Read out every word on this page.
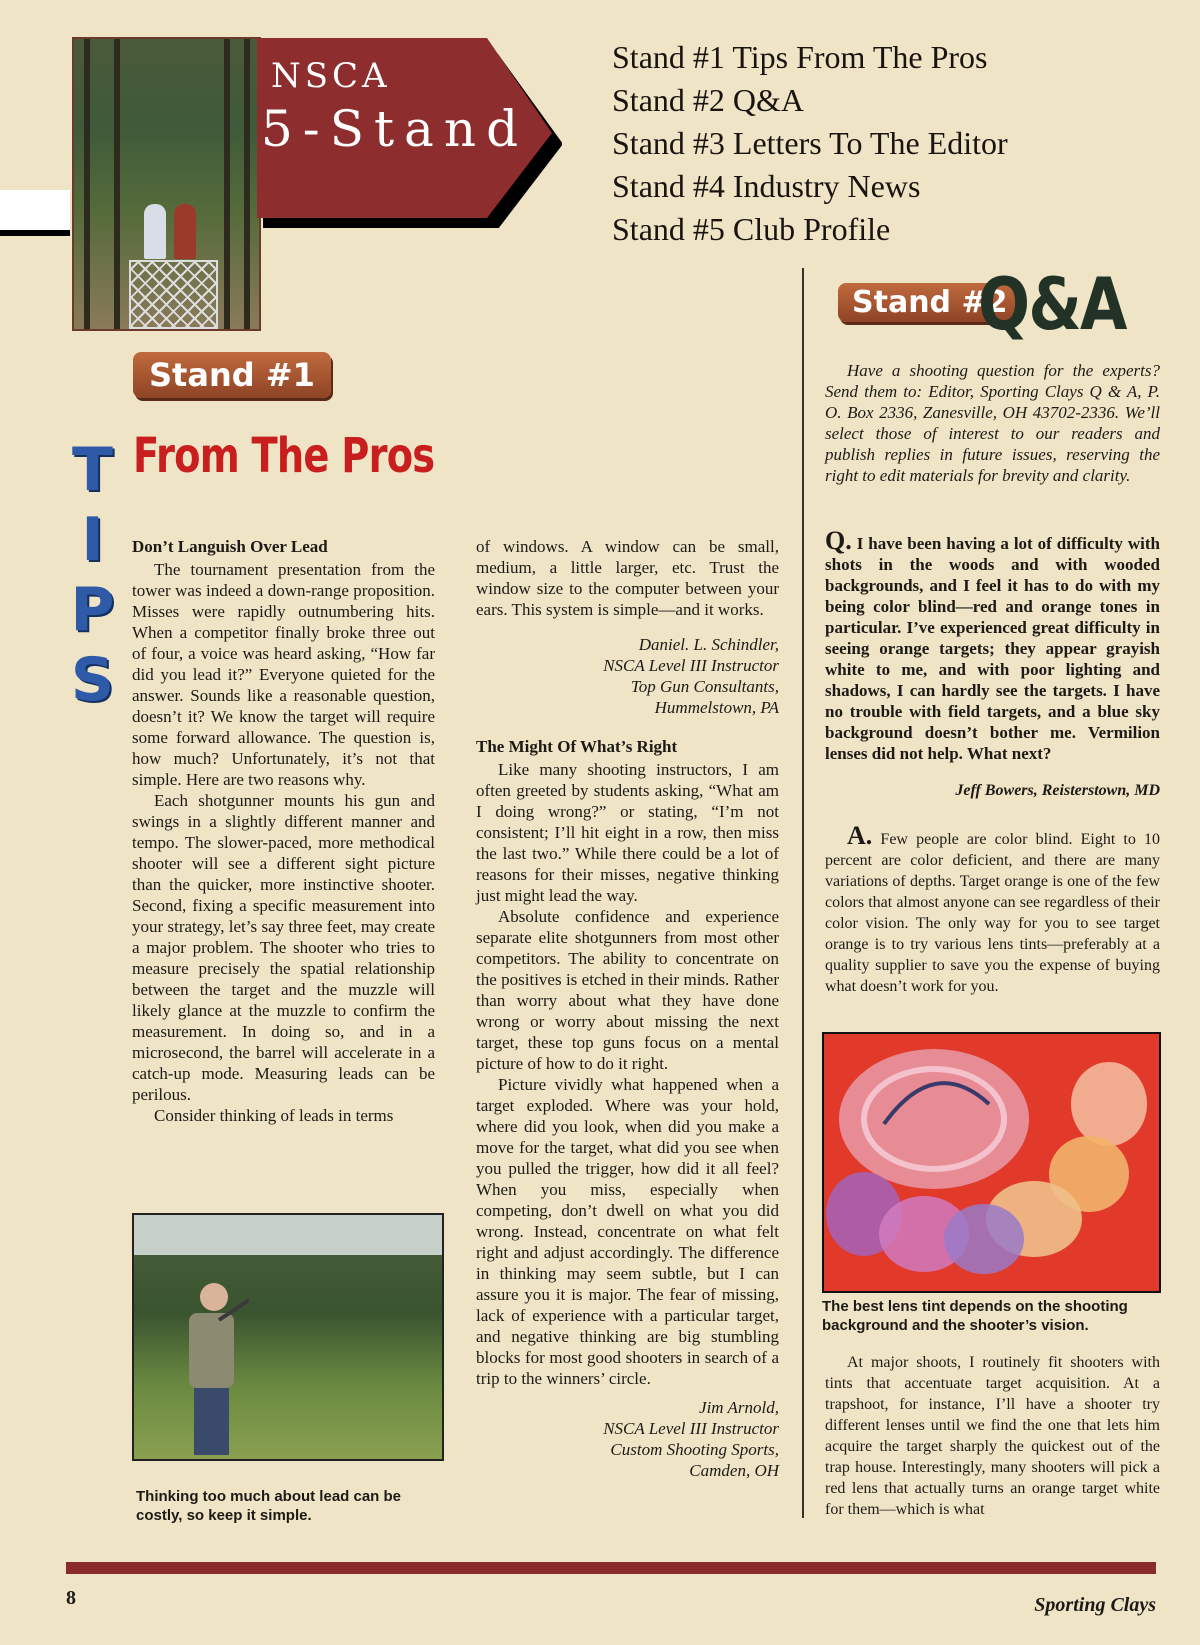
NSCA
5-Stand
Stand #1 Tips From The Pros
Stand #2 Q&A
Stand #3 Letters To The Editor
Stand #4 Industry News
Stand #5 Club Profile
Stand #1
From The Pros
T
I
P
S
Don’t Languish Over Lead

The tournament presentation from the tower was indeed a down-range proposition. Misses were rapidly outnumbering hits. When a competitor finally broke three out of four, a voice was heard asking, “How far did you lead it?” Everyone quieted for the answer. Sounds like a reasonable question, doesn’t it? We know the target will require some forward allowance. The question is, how much? Unfortunately, it’s not that simple. Here are two reasons why.

Each shotgunner mounts his gun and swings in a slightly different manner and tempo. The slower-paced, more methodical shooter will see a different sight picture than the quicker, more instinctive shooter. Second, fixing a specific measurement into your strategy, let’s say three feet, may create a major problem. The shooter who tries to measure precisely the spatial relationship between the target and the muzzle will likely glance at the muzzle to confirm the measurement. In doing so, and in a microsecond, the barrel will accelerate in a catch-up mode. Measuring leads can be perilous.

Consider thinking of leads in terms

Thinking too much about lead can be costly, so keep it simple.

of windows. A window can be small, medium, a little larger, etc. Trust the window size to the computer between your ears. This system is simple—and it works.

Daniel. L. Schindler,
NSCA Level III Instructor
Top Gun Consultants,
Hummelstown, PA
The Might Of What’s Right

Like many shooting instructors, I am often greeted by students asking, “What am I doing wrong?” or stating, “I’m not consistent; I’ll hit eight in a row, then miss the last two.” While there could be a lot of reasons for their misses, negative thinking just might lead the way.

Absolute confidence and experience separate elite shotgunners from most other competitors. The ability to concentrate on the positives is etched in their minds. Rather than worry about what they have done wrong or worry about missing the next target, these top guns focus on a mental picture of how to do it right.

Picture vividly what happened when a target exploded. Where was your hold, where did you look, when did you make a move for the target, what did you see when you pulled the trigger, how did it all feel? When you miss, especially when competing, don’t dwell on what you did wrong. Instead, concentrate on what felt right and adjust accordingly. The difference in thinking may seem subtle, but I can assure you it is major. The fear of missing, lack of experience with a particular target, and negative thinking are big stumbling blocks for most good shooters in search of a trip to the winners’ circle.

Jim Arnold,
NSCA Level III Instructor
Custom Shooting Sports,
Camden, OH
Stand #2
Q&A

Have a shooting question for the experts? Send them to: Editor, Sporting Clays Q & A, P. O. Box 2336, Zanesville, OH 43702-2336. We’ll select those of interest to our readers and publish replies in future issues, reserving the right to edit materials for brevity and clarity.

Q. I have been having a lot of difficulty with shots in the woods and with wooded backgrounds, and I feel it has to do with my being color blind—red and orange tones in particular. I’ve experienced great difficulty in seeing orange targets; they appear grayish white to me, and with poor lighting and shadows, I can hardly see the targets. I have no trouble with field targets, and a blue sky background doesn’t bother me. Vermilion lenses did not help. What next?

Jeff Bowers, Reisterstown, MD

A. Few people are color blind. Eight to 10 percent are color deficient, and there are many variations of depths. Target orange is one of the few colors that almost anyone can see regardless of their color vision. The only way for you to see target orange is to try various lens tints—preferably at a quality supplier to save you the expense of buying what doesn’t work for you.

The best lens tint depends on the shooting background and the shooter’s vision.

At major shoots, I routinely fit shooters with tints that accentuate target acquisition. At a trapshoot, for instance, I’ll have a shooter try different lenses until we find the one that lets him acquire the target sharply the quickest out of the trap house. Interestingly, many shooters will pick a red lens that actually turns an orange target white for them—which is what

8	Sporting Clays
